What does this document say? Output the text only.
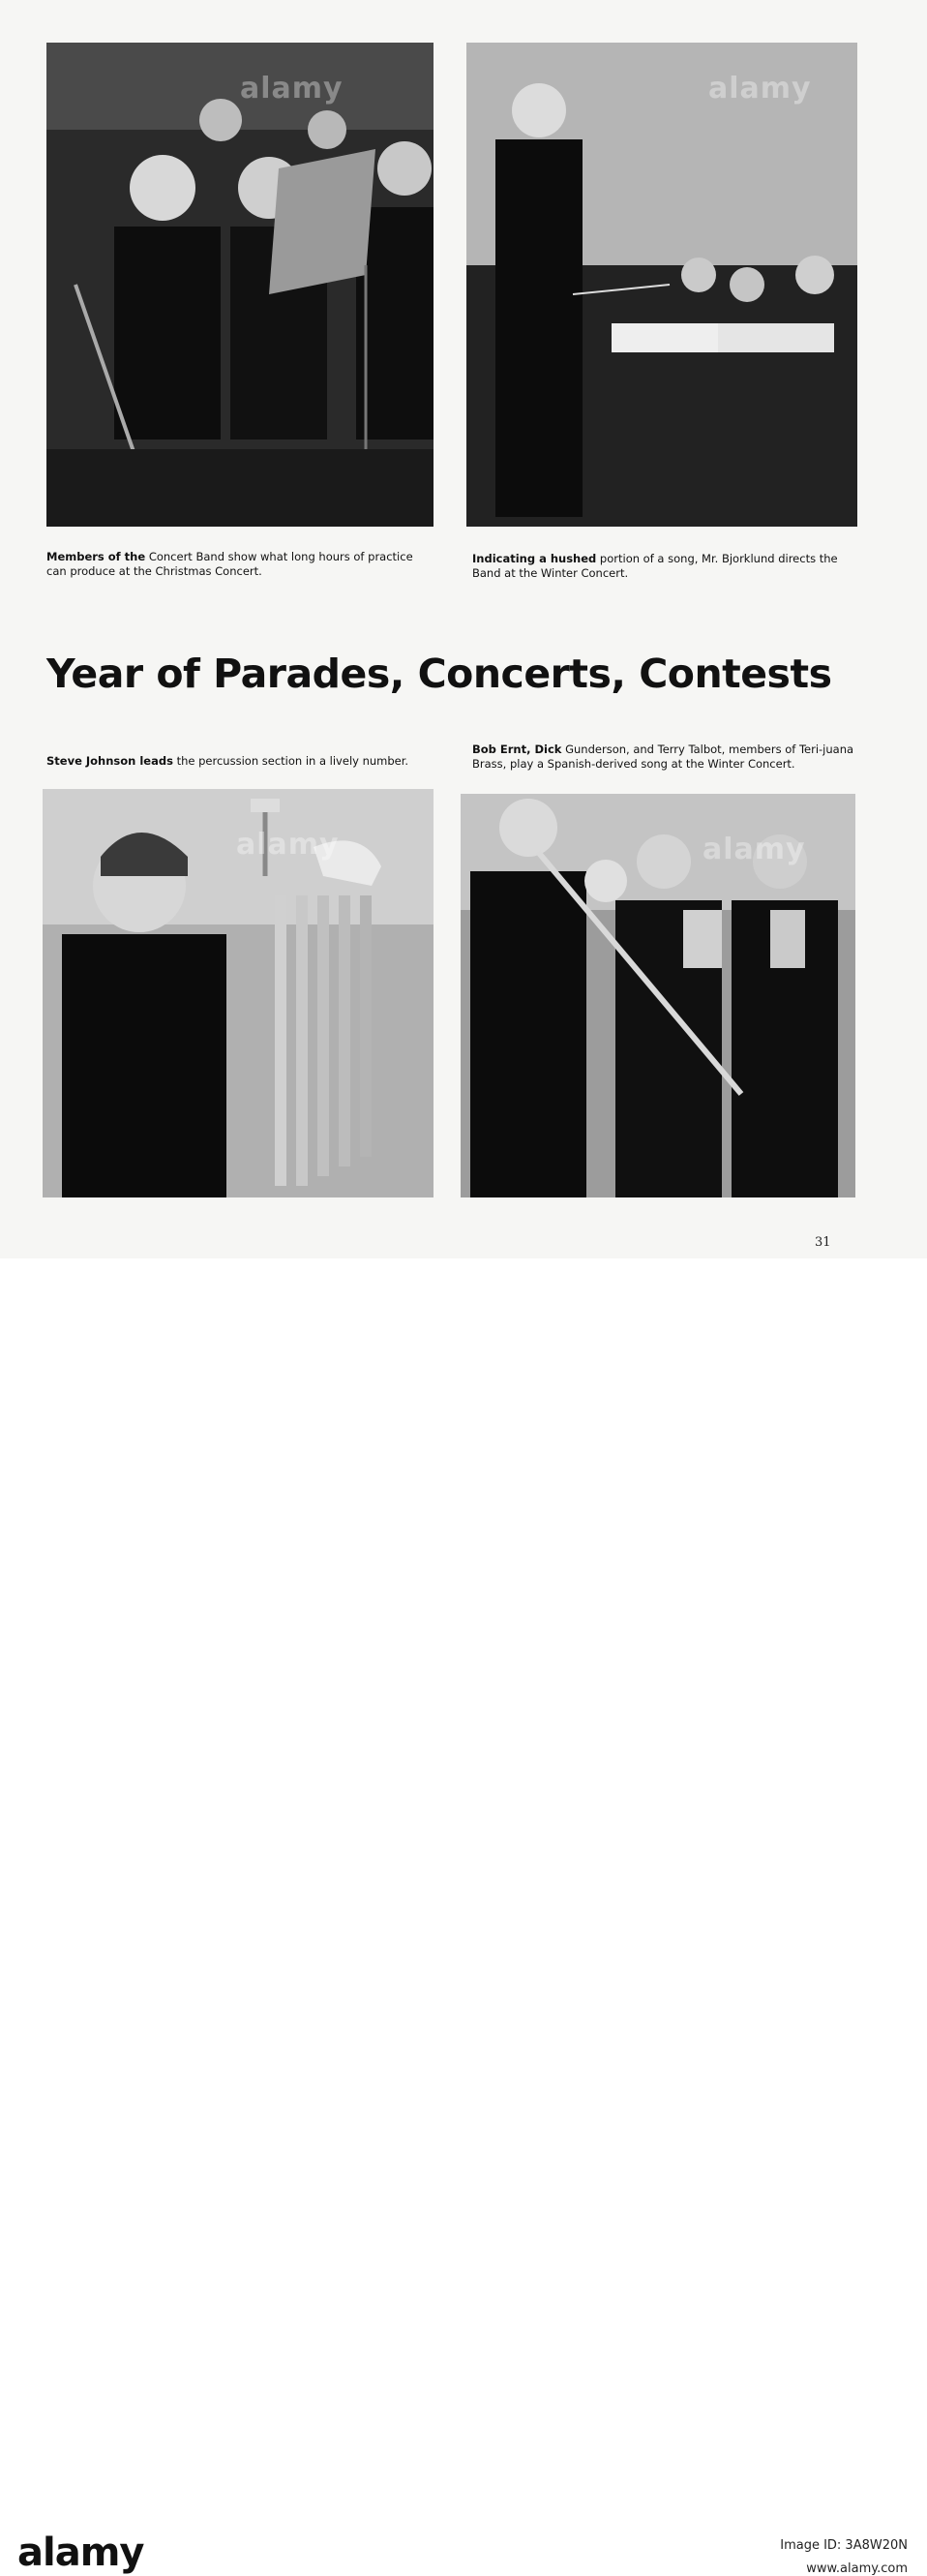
alamy	alamy

Members of the Concert Band show what long hours of practice can produce at the Christmas Concert.

Indicating a hushed portion of a song, Mr. Bjorklund directs the Band at the Winter Concert.

Year of Parades, Concerts, Contests

Steve Johnson leads the percussion section in a lively number.

Bob Ernt, Dick Gunderson, and Terry Talbot, members of Teri-juana Brass, play a Spanish-derived song at the Winter Concert.

alamy	alamy
31
alamy	Image ID: 3A8W20N
www.alamy.com
